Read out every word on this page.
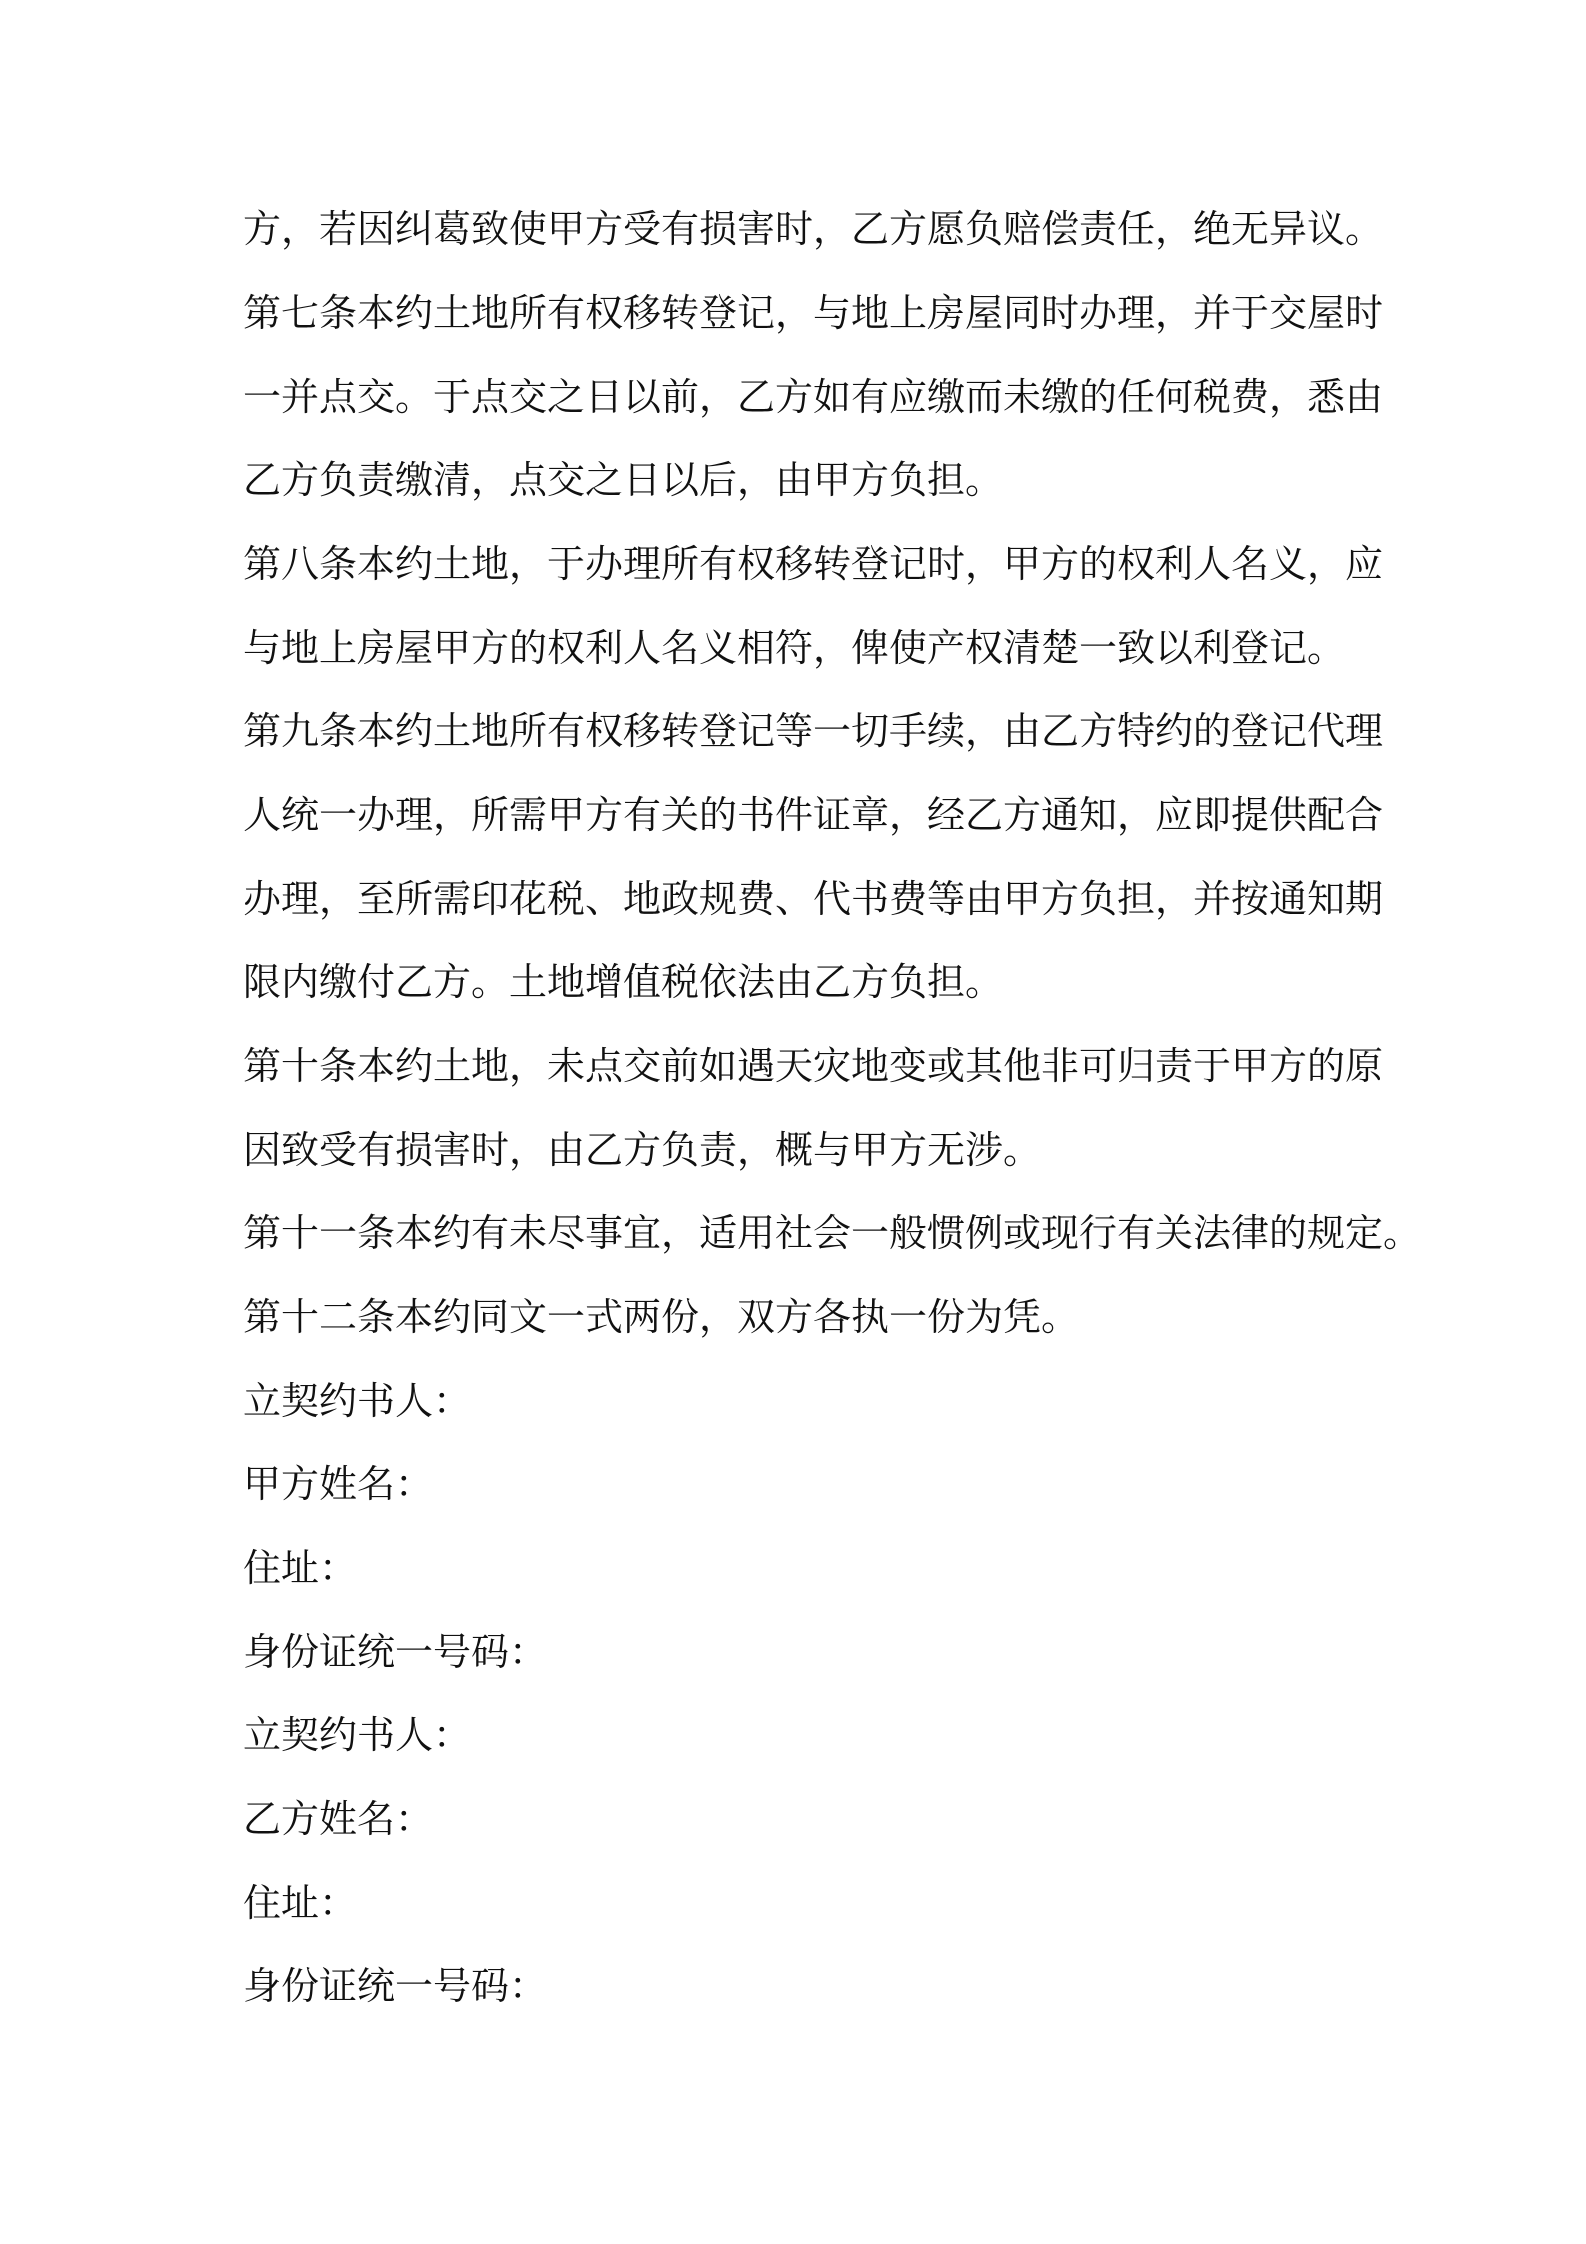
方，若因纠葛致使甲方受有损害时，乙方愿负赔偿责任，绝无异议。

第七条本约土地所有权移转登记，与地上房屋同时办理，并于交屋时

一并点交。于点交之日以前，乙方如有应缴而未缴的任何税费，悉由

乙方负责缴清，点交之日以后，由甲方负担。

第八条本约土地，于办理所有权移转登记时，甲方的权利人名义，应

与地上房屋甲方的权利人名义相符，俾使产权清楚一致以利登记。

第九条本约土地所有权移转登记等一切手续，由乙方特约的登记代理

人统一办理，所需甲方有关的书件证章，经乙方通知，应即提供配合

办理，至所需印花税、地政规费、代书费等由甲方负担，并按通知期

限内缴付乙方。土地增值税依法由乙方负担。

第十条本约土地，未点交前如遇天灾地变或其他非可归责于甲方的原

因致受有损害时，由乙方负责，概与甲方无涉。

第十一条本约有未尽事宜，适用社会一般惯例或现行有关法律的规定。

第十二条本约同文一式两份，双方各执一份为凭。

立契约书人：

甲方姓名：

住址：

身份证统一号码：

立契约书人：

乙方姓名：

住址：

身份证统一号码：
